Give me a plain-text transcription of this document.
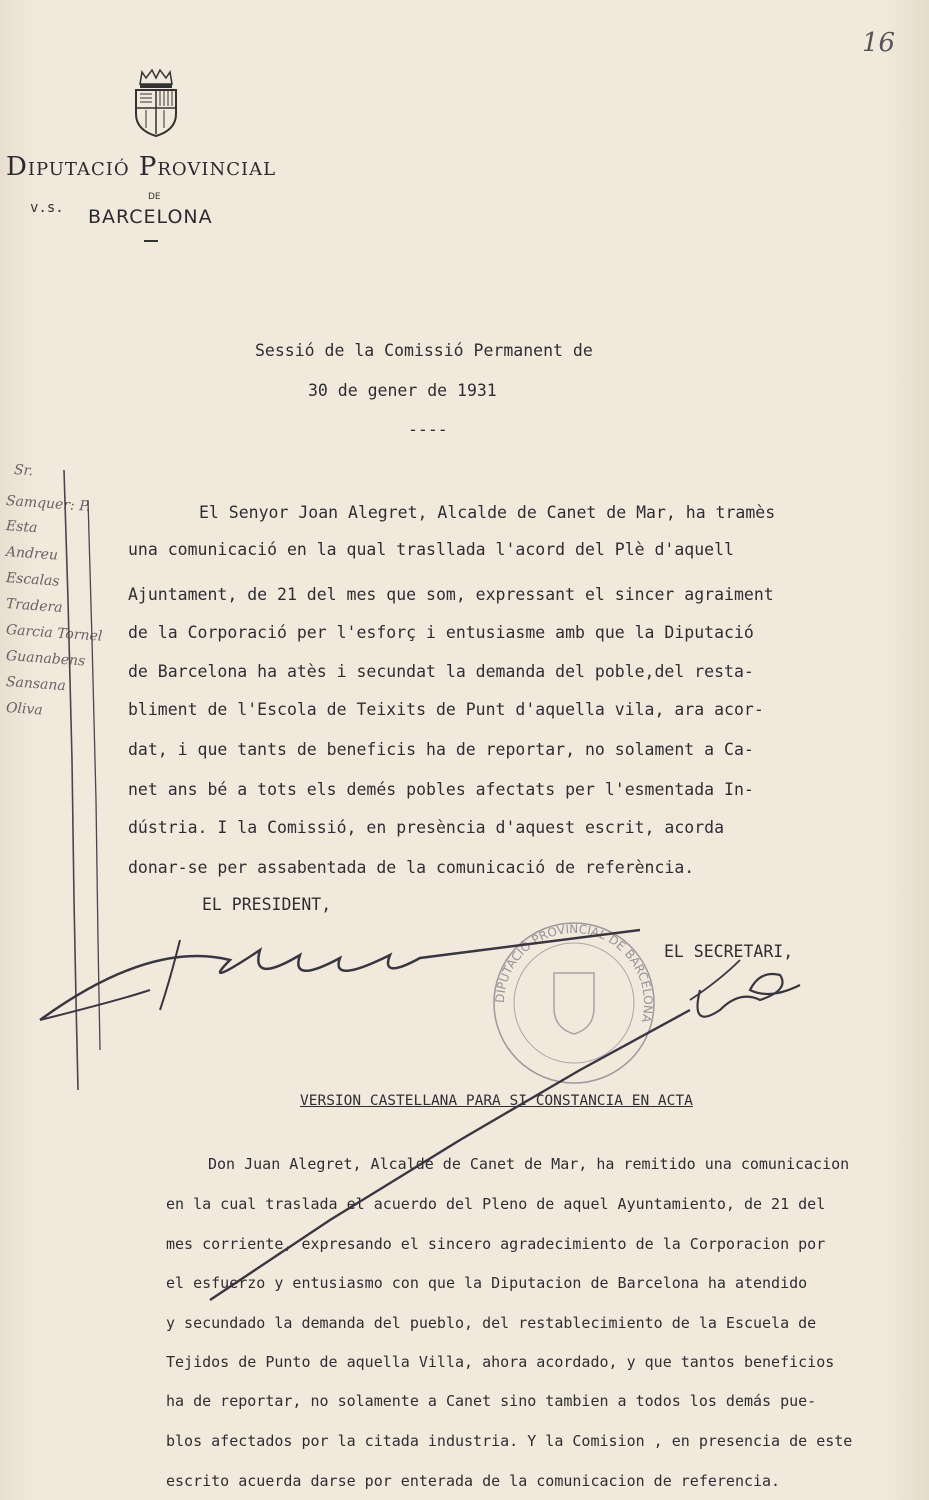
16
Diputació Provincial
DE
v.s. BARCELONA
Sessió de la Comissió Permanent de
30 de gener de 1931
----
Sr.
Samquer: P.
Esta
Andreu
Escalas
Tradera
Garcia Tornel
Guanabens
Sansana
Oliva
El Senyor Joan Alegret, Alcalde de Canet de Mar, ha tramès
una comunicació en la qual trasllada l'acord del Plè d'aquell
Ajuntament, de 21 del mes que som, expressant el sincer agraiment
de la Corporació per l'esforç i entusiasme amb que la Diputació
de Barcelona ha atès i secundat la demanda del poble,del resta-
bliment de l'Escola de Teixits de Punt d'aquella vila, ara acor-
dat, i que tants de beneficis ha de reportar, no solament a Ca-
net ans bé a tots els demés pobles afectats per l'esmentada In-
dústria. I la Comissió, en presència d'aquest escrit, acorda
donar-se per assabentada de la comunicació de referència.
EL PRESIDENT,
EL SECRETARI,
DIPUTACIÓ PROVINCIAL DE BARCELONA
VERSION CASTELLANA PARA SI CONSTANCIA EN ACTA
Don Juan Alegret, Alcalde de Canet de Mar, ha remitido una comunicacion
en la cual traslada el acuerdo del Pleno de aquel Ayuntamiento, de 21 del
mes corriente, expresando el sincero agradecimiento de la Corporacion por
el esfuerzo y entusiasmo con que la Diputacion de Barcelona ha atendido
y secundado la demanda del pueblo, del restablecimiento de la Escuela de
Tejidos de Punto de aquella Villa, ahora acordado, y que tantos beneficios
ha de reportar, no solamente a Canet sino tambien a todos los demás pue-
blos afectados por la citada industria. Y la Comision , en presencia de este
escrito acuerda darse por enterada de la comunicacion de referencia.
